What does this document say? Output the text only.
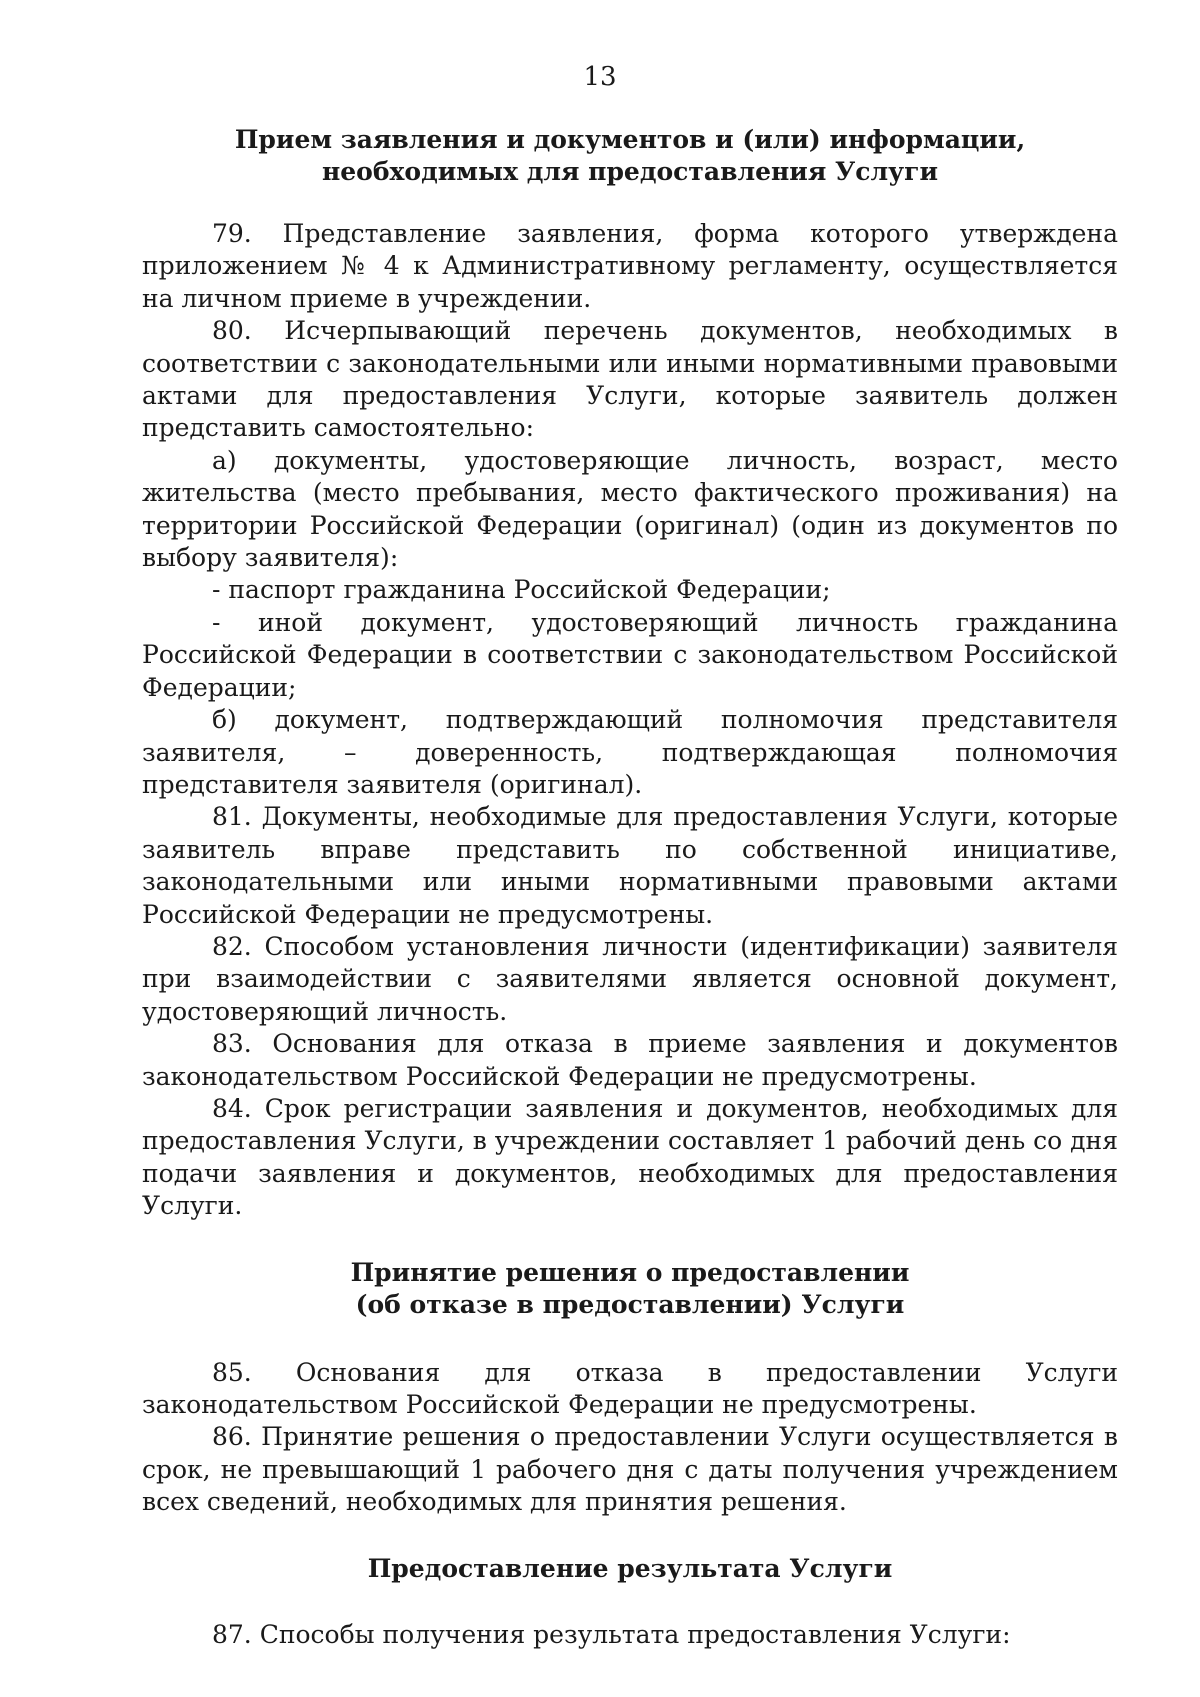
13
Прием заявления и документов и (или) информации,
необходимых для предоставления Услуги

79. Представление заявления, форма которого утверждена приложением № 4 к Административному регламенту, осуществляется на личном приеме в учреждении.

80. Исчерпывающий перечень документов, необходимых в соответствии с законодательными или иными нормативными правовыми актами для предоставления Услуги, которые заявитель должен представить самостоятельно:

а) документы, удостоверяющие личность, возраст, место жительства (место пребывания, место фактического проживания) на территории Российской Федерации (оригинал) (один из документов по выбору заявителя):

- паспорт гражданина Российской Федерации;

- иной документ, удостоверяющий личность гражданина Российской Федерации в соответствии с законодательством Российской Федерации;

б) документ, подтверждающий полномочия представителя заявителя, – доверенность, подтверждающая полномочия представителя заявителя (оригинал).

81. Документы, необходимые для предоставления Услуги, которые заявитель вправе представить по собственной инициативе, законодательными или иными нормативными правовыми актами Российской Федерации не предусмотрены.

82. Способом установления личности (идентификации) заявителя при взаимодействии с заявителями является основной документ, удостоверяющий личность.

83. Основания для отказа в приеме заявления и документов законодательством Российской Федерации не предусмотрены.

84. Срок регистрации заявления и документов, необходимых для предоставления Услуги, в учреждении составляет 1 рабочий день со дня подачи заявления и документов, необходимых для предоставления Услуги.

Принятие решения о предоставлении
(об отказе в предоставлении) Услуги

85. Основания для отказа в предоставлении Услуги законодательством Российской Федерации не предусмотрены.

86. Принятие решения о предоставлении Услуги осуществляется в срок, не превышающий 1 рабочего дня с даты получения учреждением всех сведений, необходимых для принятия решения.

Предоставление результата Услуги

87. Способы получения результата предоставления Услуги:
